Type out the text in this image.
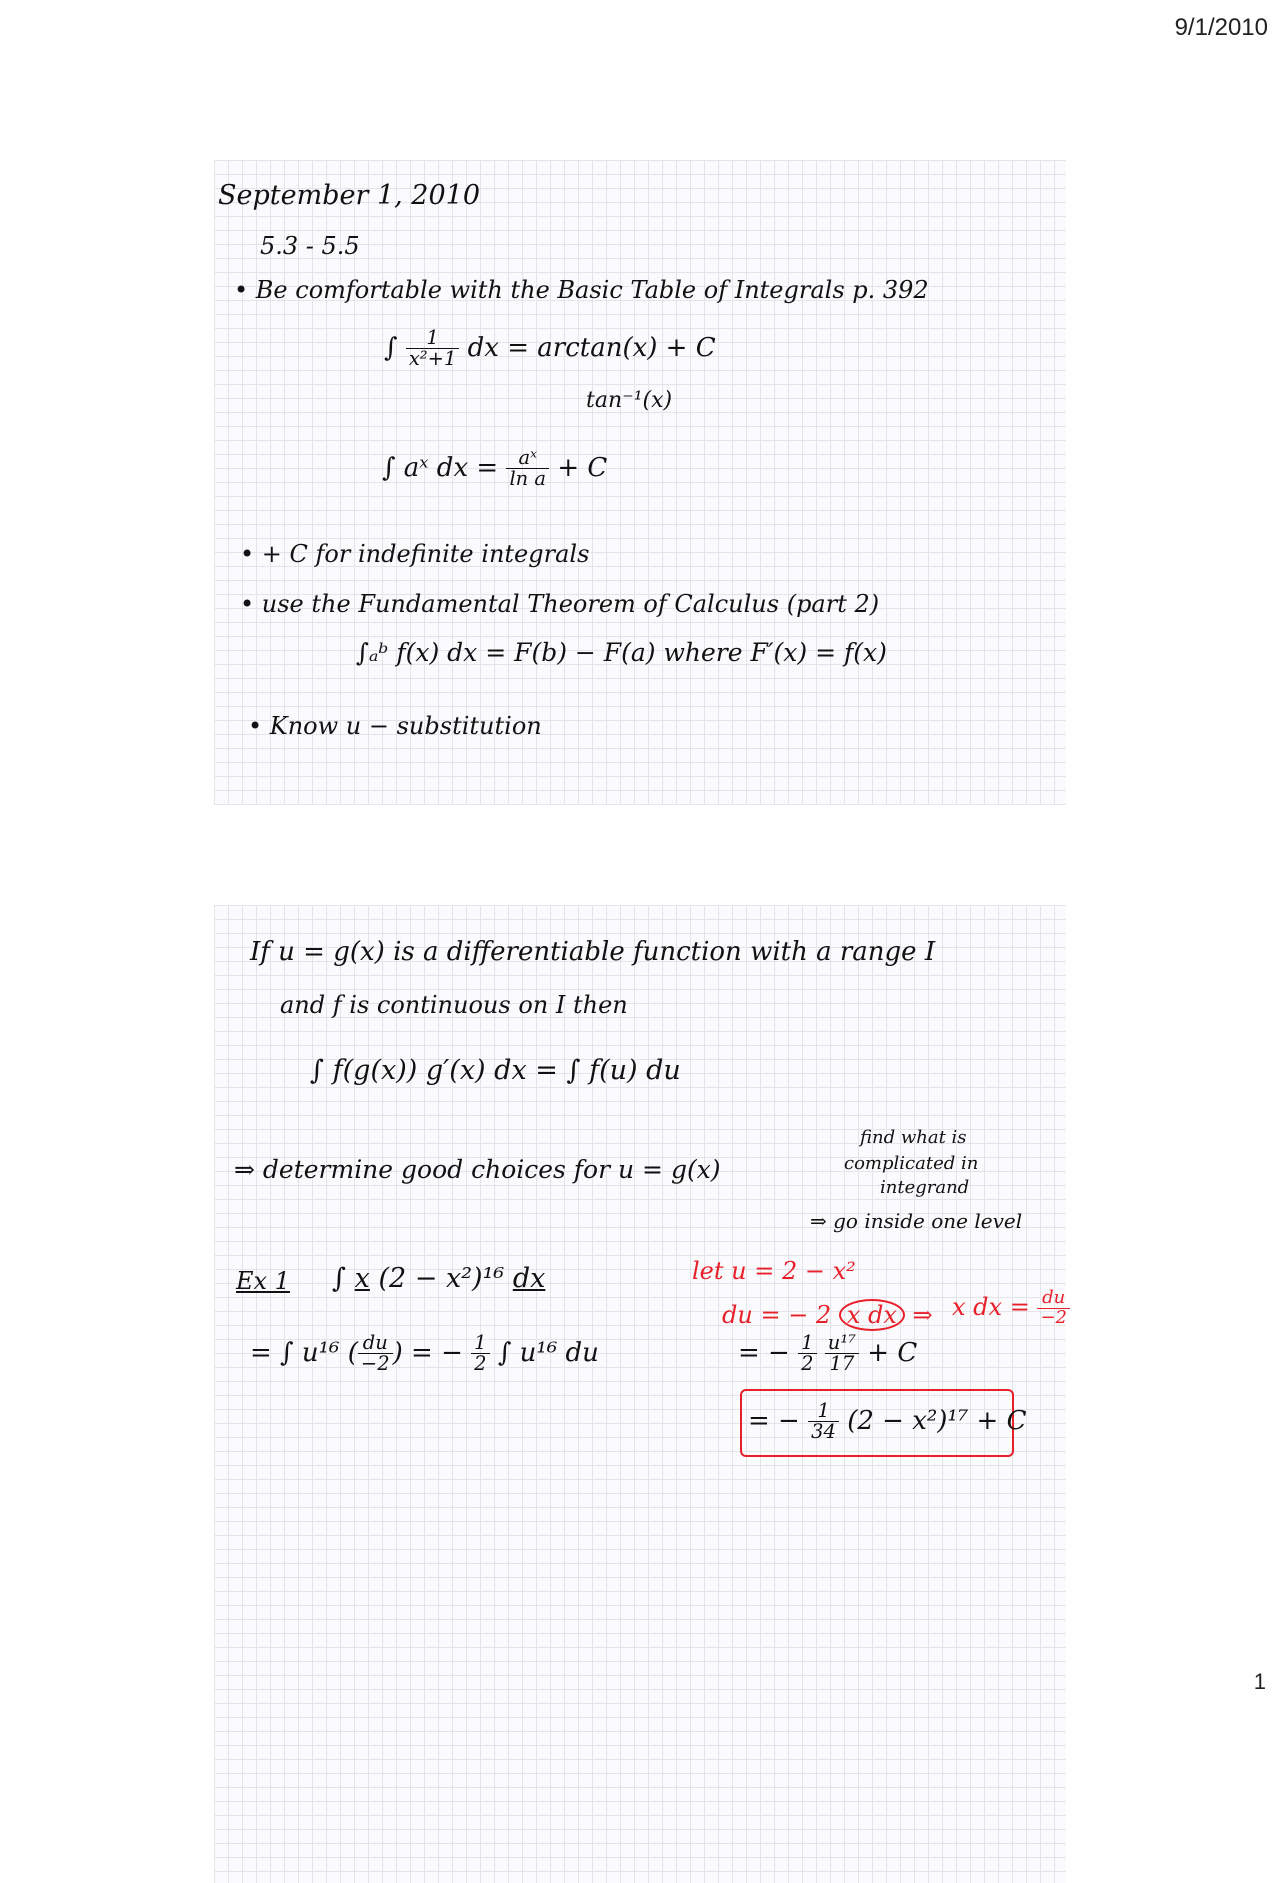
9/1/2010
September 1, 2010
5.3 - 5.5
• Be comfortable with the Basic Table of Integrals p. 392
∫ $\frac{1}{\text{x²+1}}$ dx = arctan(x) + C
tan⁻¹(x)
∫ aˣ dx = $\frac{\text{aˣ}}{\text{ln a}} + C$
• + C for indefinite integrals
• use the Fundamental Theorem of Calculus (part 2)
∫ₐᵇ f(x) dx = F(b) − F(a) where F′(x) = f(x)
• Know u − substitution
If u = g(x) is a differentiable function with a range I
and f is continuous on I then
∫ f(g(x)) g′(x) dx = ∫ f(u) du
⇒ determine good choices for u = g(x)
find what is
complicated in
integrand
⇒ go inside one level
Ex 1 ∫ x (2 − x²)¹⁶ dx	let u = 2 − x²
du = − 2 x dx ⇒ x dx = $\frac{du}{-2}$
= ∫ u¹⁶ ( $\frac{du}{-2}$ ) = − $\frac{1}{2}$ ∫ u¹⁶ du	= − $\frac{1}{2}$
$\frac{\text{u¹⁷}}{17} + C$
= − $\frac{1}{34} (2 - x^2)^{17} + C$
1
